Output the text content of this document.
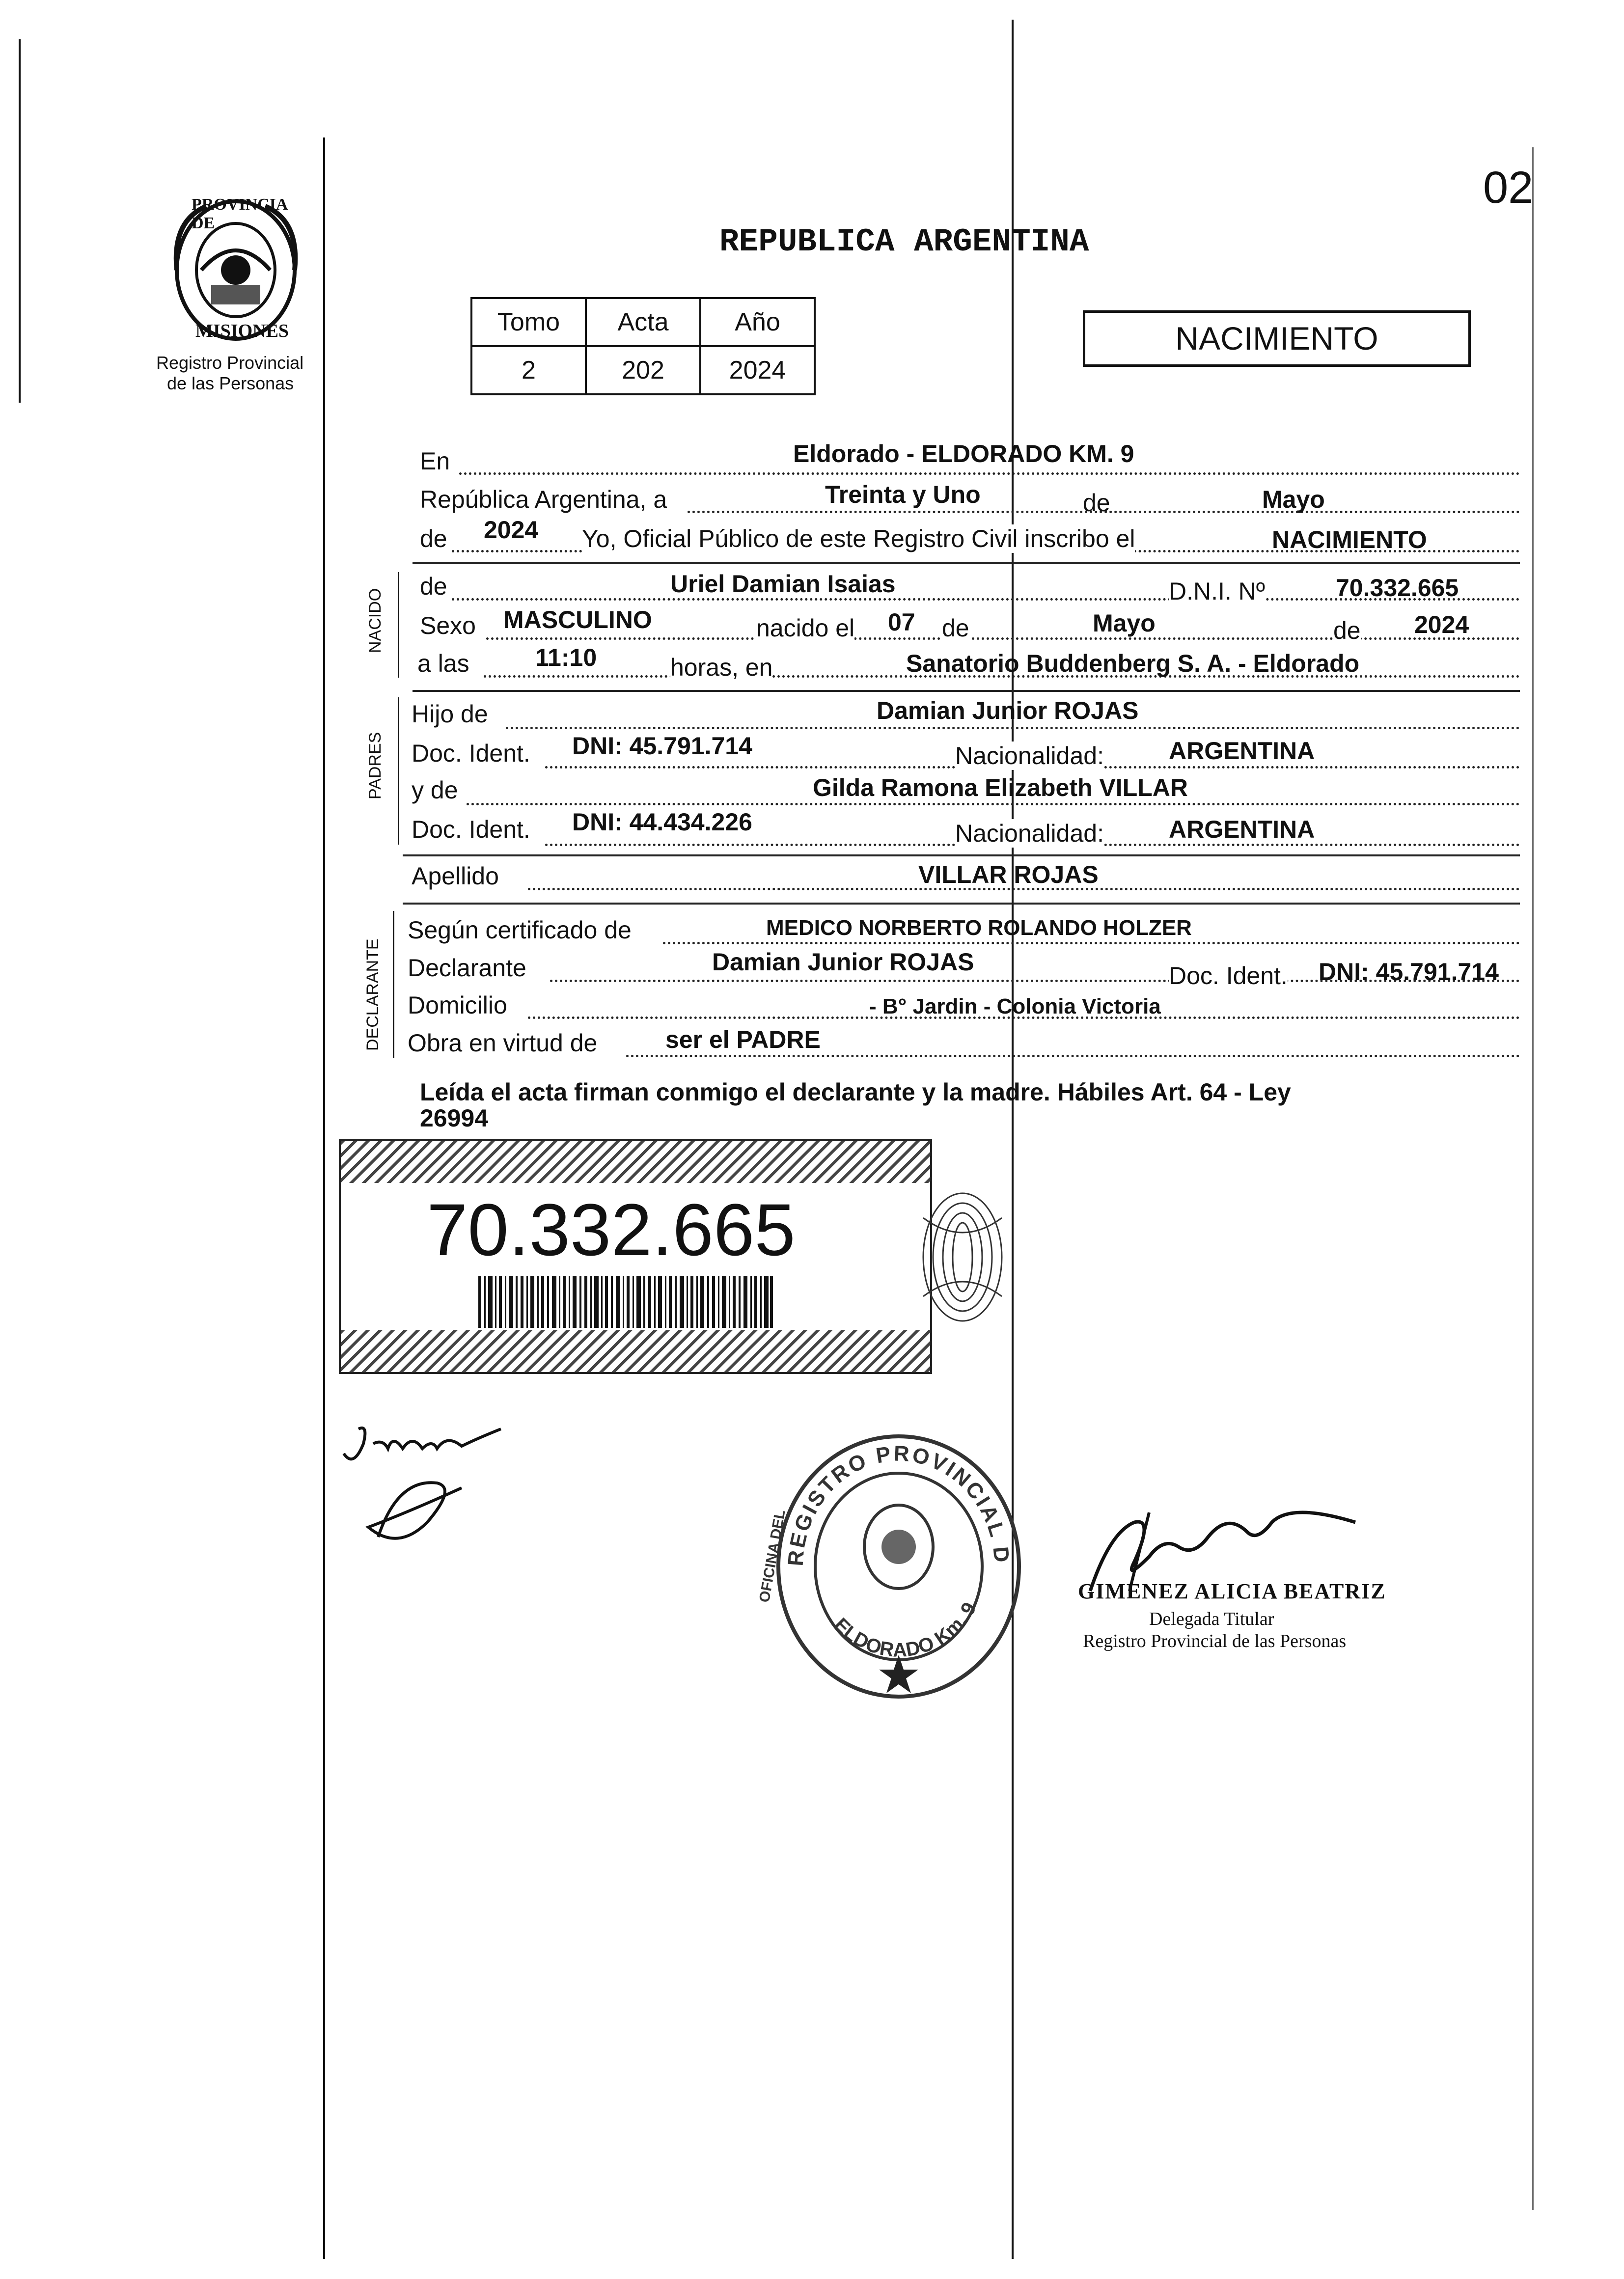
02
PROVINCIA DE
MISIONES
Registro Provincial
de las Personas
REPUBLICA ARGENTINA
Tomo	Acta	Año
2	202	2024
NACIMIENTO
En	Eldorado - ELDORADO KM. 9
República Argentina, a	Treinta y Uno	de	Mayo
de 2024 Yo, Oficial Público de este Registro Civil inscribo el	NACIMIENTO
NACIDO
de	Uriel Damian Isaias	D.N.I. Nº	70.332.665
Sexo MASCULINO	nacido el 07 de	Mayo	de 2024
a las	11:10	horas, en	Sanatorio Buddenberg S. A. - Eldorado
PADRES
Hijo de	Damian Junior ROJAS
Doc. Ident. DNI: 45.791.714	Nacionalidad:	ARGENTINA
y de	Gilda Ramona Elizabeth VILLAR
Doc. Ident. DNI: 44.434.226	Nacionalidad:	ARGENTINA
Apellido	VILLAR ROJAS
DECLARANTE
Según certificado de	MEDICO NORBERTO ROLANDO HOLZER
Declarante	Damian Junior ROJAS	Doc. Ident. DNI: 45.791.714
Domicilio	- B° Jardin - Colonia Victoria
Obra en virtud de	ser el PADRE
Leída el acta firman conmigo el declarante y la madre. Hábiles Art. 64 - Ley
26994
70.332.665
REGISTRO PROVINCIAL D
ELDORADO Km. 9
OFICINA DEL	GIMENEZ ALICIA BEATRIZ
Delegada Titular
Registro Provincial de las Personas
